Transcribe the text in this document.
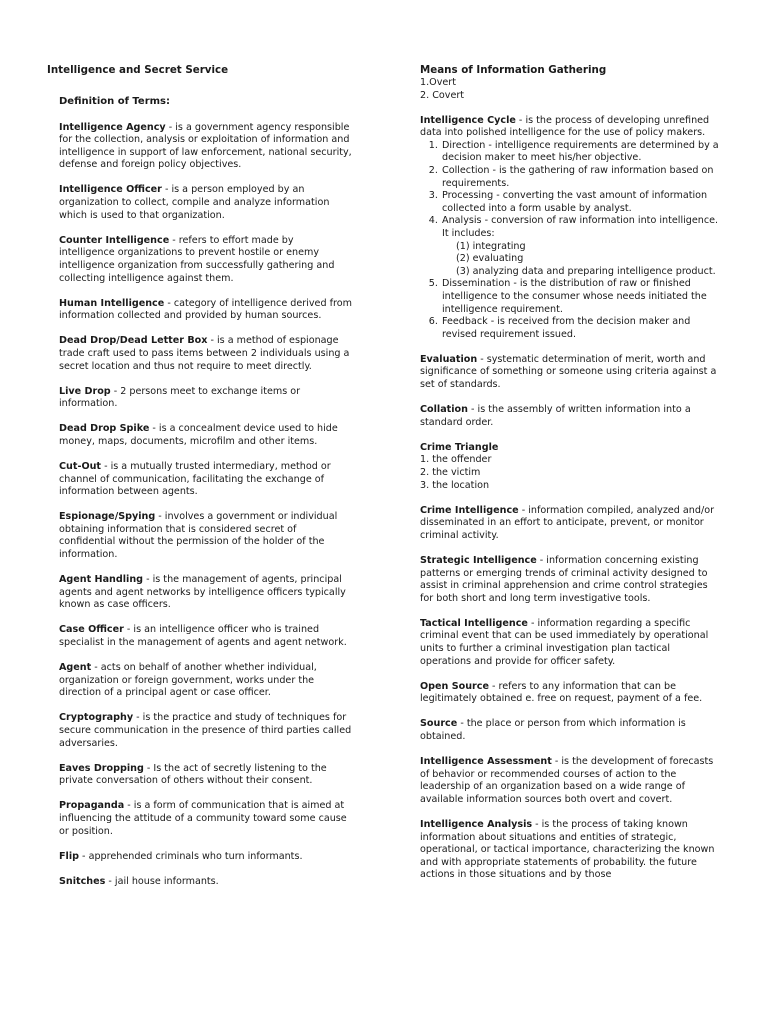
Intelligence and Secret Service
Definition of Terms:
Intelligence Agency - is a government agency responsible for the collection, analysis or exploitation of information and intelligence in support of law enforcement, national security, defense and foreign policy objectives.
Intelligence Officer - is a person employed by an organization to collect, compile and analyze information which is used to that organization.
Counter Intelligence - refers to effort made by intelligence organizations to prevent hostile or enemy intelligence organization from successfully gathering and collecting intelligence against them.
Human Intelligence - category of intelligence derived from information collected and provided by human sources.
Dead Drop/Dead Letter Box - is a method of espionage trade craft used to pass items between 2 individuals using a secret location and thus not require to meet directly.
Live Drop - 2 persons meet to exchange items or information.
Dead Drop Spike - is a concealment device used to hide money, maps, documents, microfilm and other items.
Cut-Out - is a mutually trusted intermediary, method or channel of communication, facilitating the exchange of information between agents.
Espionage/Spying - involves a government or individual obtaining information that is considered secret of confidential without the permission of the holder of the information.
Agent Handling - is the management of agents, principal agents and agent networks by intelligence officers typically known as case officers.
Case Officer - is an intelligence officer who is trained specialist in the management of agents and agent network.
Agent - acts on behalf of another whether individual, organization or foreign government, works under the direction of a principal agent or case officer.
Cryptography - is the practice and study of techniques for secure communication in the presence of third parties called adversaries.
Eaves Dropping - Is the act of secretly listening to the private conversation of others without their consent.
Propaganda - is a form of communication that is aimed at influencing the attitude of a community toward some cause or position.
Flip - apprehended criminals who turn informants.
Snitches - jail house informants.
Means of Information Gathering
1.Overt
2. Covert
Intelligence Cycle - is the process of developing unrefined data into polished intelligence for the use of policy makers.
1. Direction - intelligence requirements are determined by a decision maker to meet his/her objective.
2. Collection - is the gathering of raw information based on requirements.
3. Processing - converting the vast amount of information collected into a form usable by analyst.
4. Analysis - conversion of raw information into intelligence. It includes:
(1) integrating
(2) evaluating
(3) analyzing data and preparing intelligence product.
5. Dissemination - is the distribution of raw or finished intelligence to the consumer whose needs initiated the intelligence requirement.
6. Feedback - is received from the decision maker and revised requirement issued.
Evaluation - systematic determination of merit, worth and significance of something or someone using criteria against a set of standards.
Collation - is the assembly of written information into a standard order.
Crime Triangle
1. the offender
2. the victim
3. the location
Crime Intelligence - information compiled, analyzed and/or disseminated in an effort to anticipate, prevent, or monitor criminal activity.
Strategic Intelligence - information concerning existing patterns or emerging trends of criminal activity designed to assist in criminal apprehension and crime control strategies for both short and long term investigative tools.
Tactical Intelligence - information regarding a specific criminal event that can be used immediately by operational units to further a criminal investigation plan tactical operations and provide for officer safety.
Open Source - refers to any information that can be legitimately obtained e. free on request, payment of a fee.
Source - the place or person from which information is obtained.
Intelligence Assessment - is the development of forecasts of behavior or recommended courses of action to the leadership of an organization based on a wide range of available information sources both overt and covert.
Intelligence Analysis - is the process of taking known information about situations and entities of strategic, operational, or tactical importance, characterizing the known and with appropriate statements of probability. the future actions in those situations and by those
